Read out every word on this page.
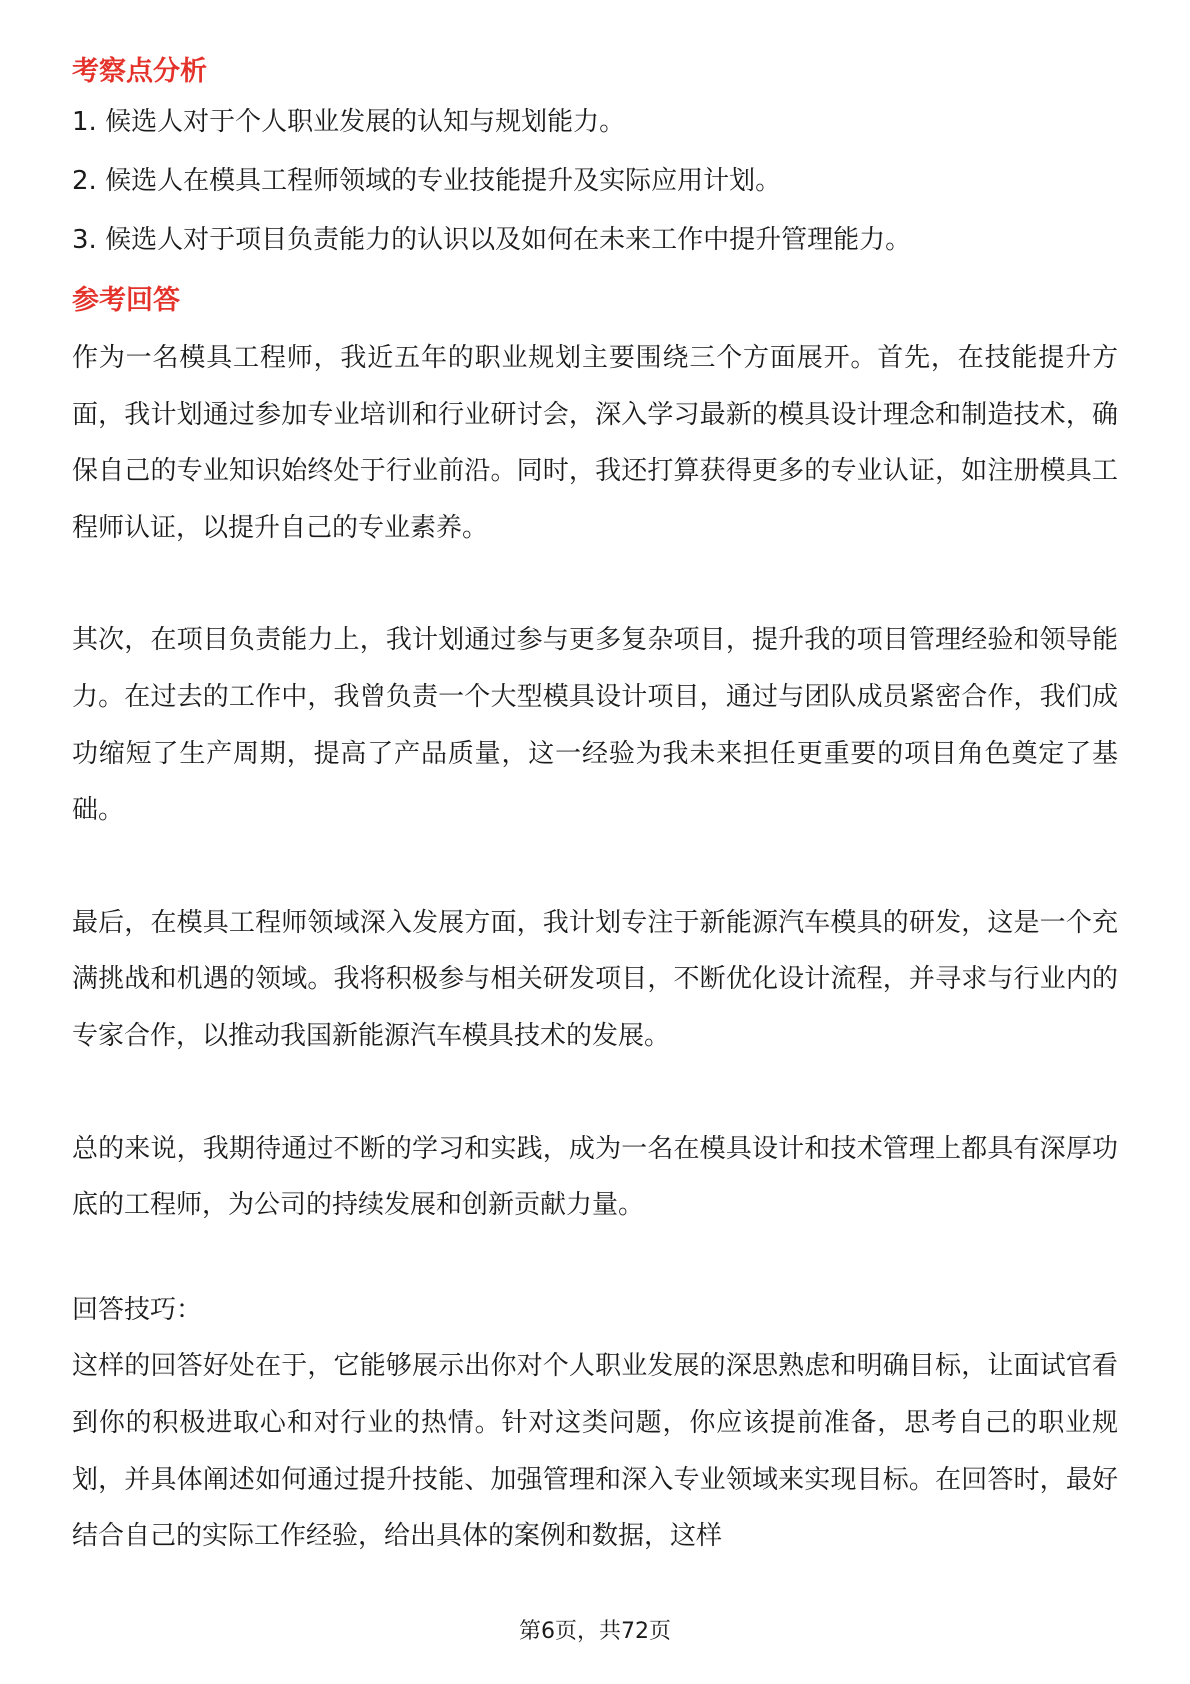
考察点分析
1. 候选人对于个人职业发展的认知与规划能力。
2. 候选人在模具工程师领域的专业技能提升及实际应用计划。
3. 候选人对于项目负责能力的认识以及如何在未来工作中提升管理能力。
参考回答

作为一名模具工程师，我近五年的职业规划主要围绕三个方面展开。首先，在技能提升方面，我计划通过参加专业培训和行业研讨会，深入学习最新的模具设计理念和制造技术，确保自己的专业知识始终处于行业前沿。同时，我还打算获得更多的专业认证，如注册模具工程师认证，以提升自己的专业素养。

其次，在项目负责能力上，我计划通过参与更多复杂项目，提升我的项目管理经验和领导能力。在过去的工作中，我曾负责一个大型模具设计项目，通过与团队成员紧密合作，我们成功缩短了生产周期，提高了产品质量，这一经验为我未来担任更重要的项目角色奠定了基础。

最后，在模具工程师领域深入发展方面，我计划专注于新能源汽车模具的研发，这是一个充满挑战和机遇的领域。我将积极参与相关研发项目，不断优化设计流程，并寻求与行业内的专家合作，以推动我国新能源汽车模具技术的发展。

总的来说，我期待通过不断的学习和实践，成为一名在模具设计和技术管理上都具有深厚功底的工程师，为公司的持续发展和创新贡献力量。

回答技巧：

这样的回答好处在于，它能够展示出你对个人职业发展的深思熟虑和明确目标，让面试官看到你的积极进取心和对行业的热情。针对这类问题，你应该提前准备，思考自己的职业规划，并具体阐述如何通过提升技能、加强管理和深入专业领域来实现目标。在回答时，最好结合自己的实际工作经验，给出具体的案例和数据，这样

第6页，共72页
